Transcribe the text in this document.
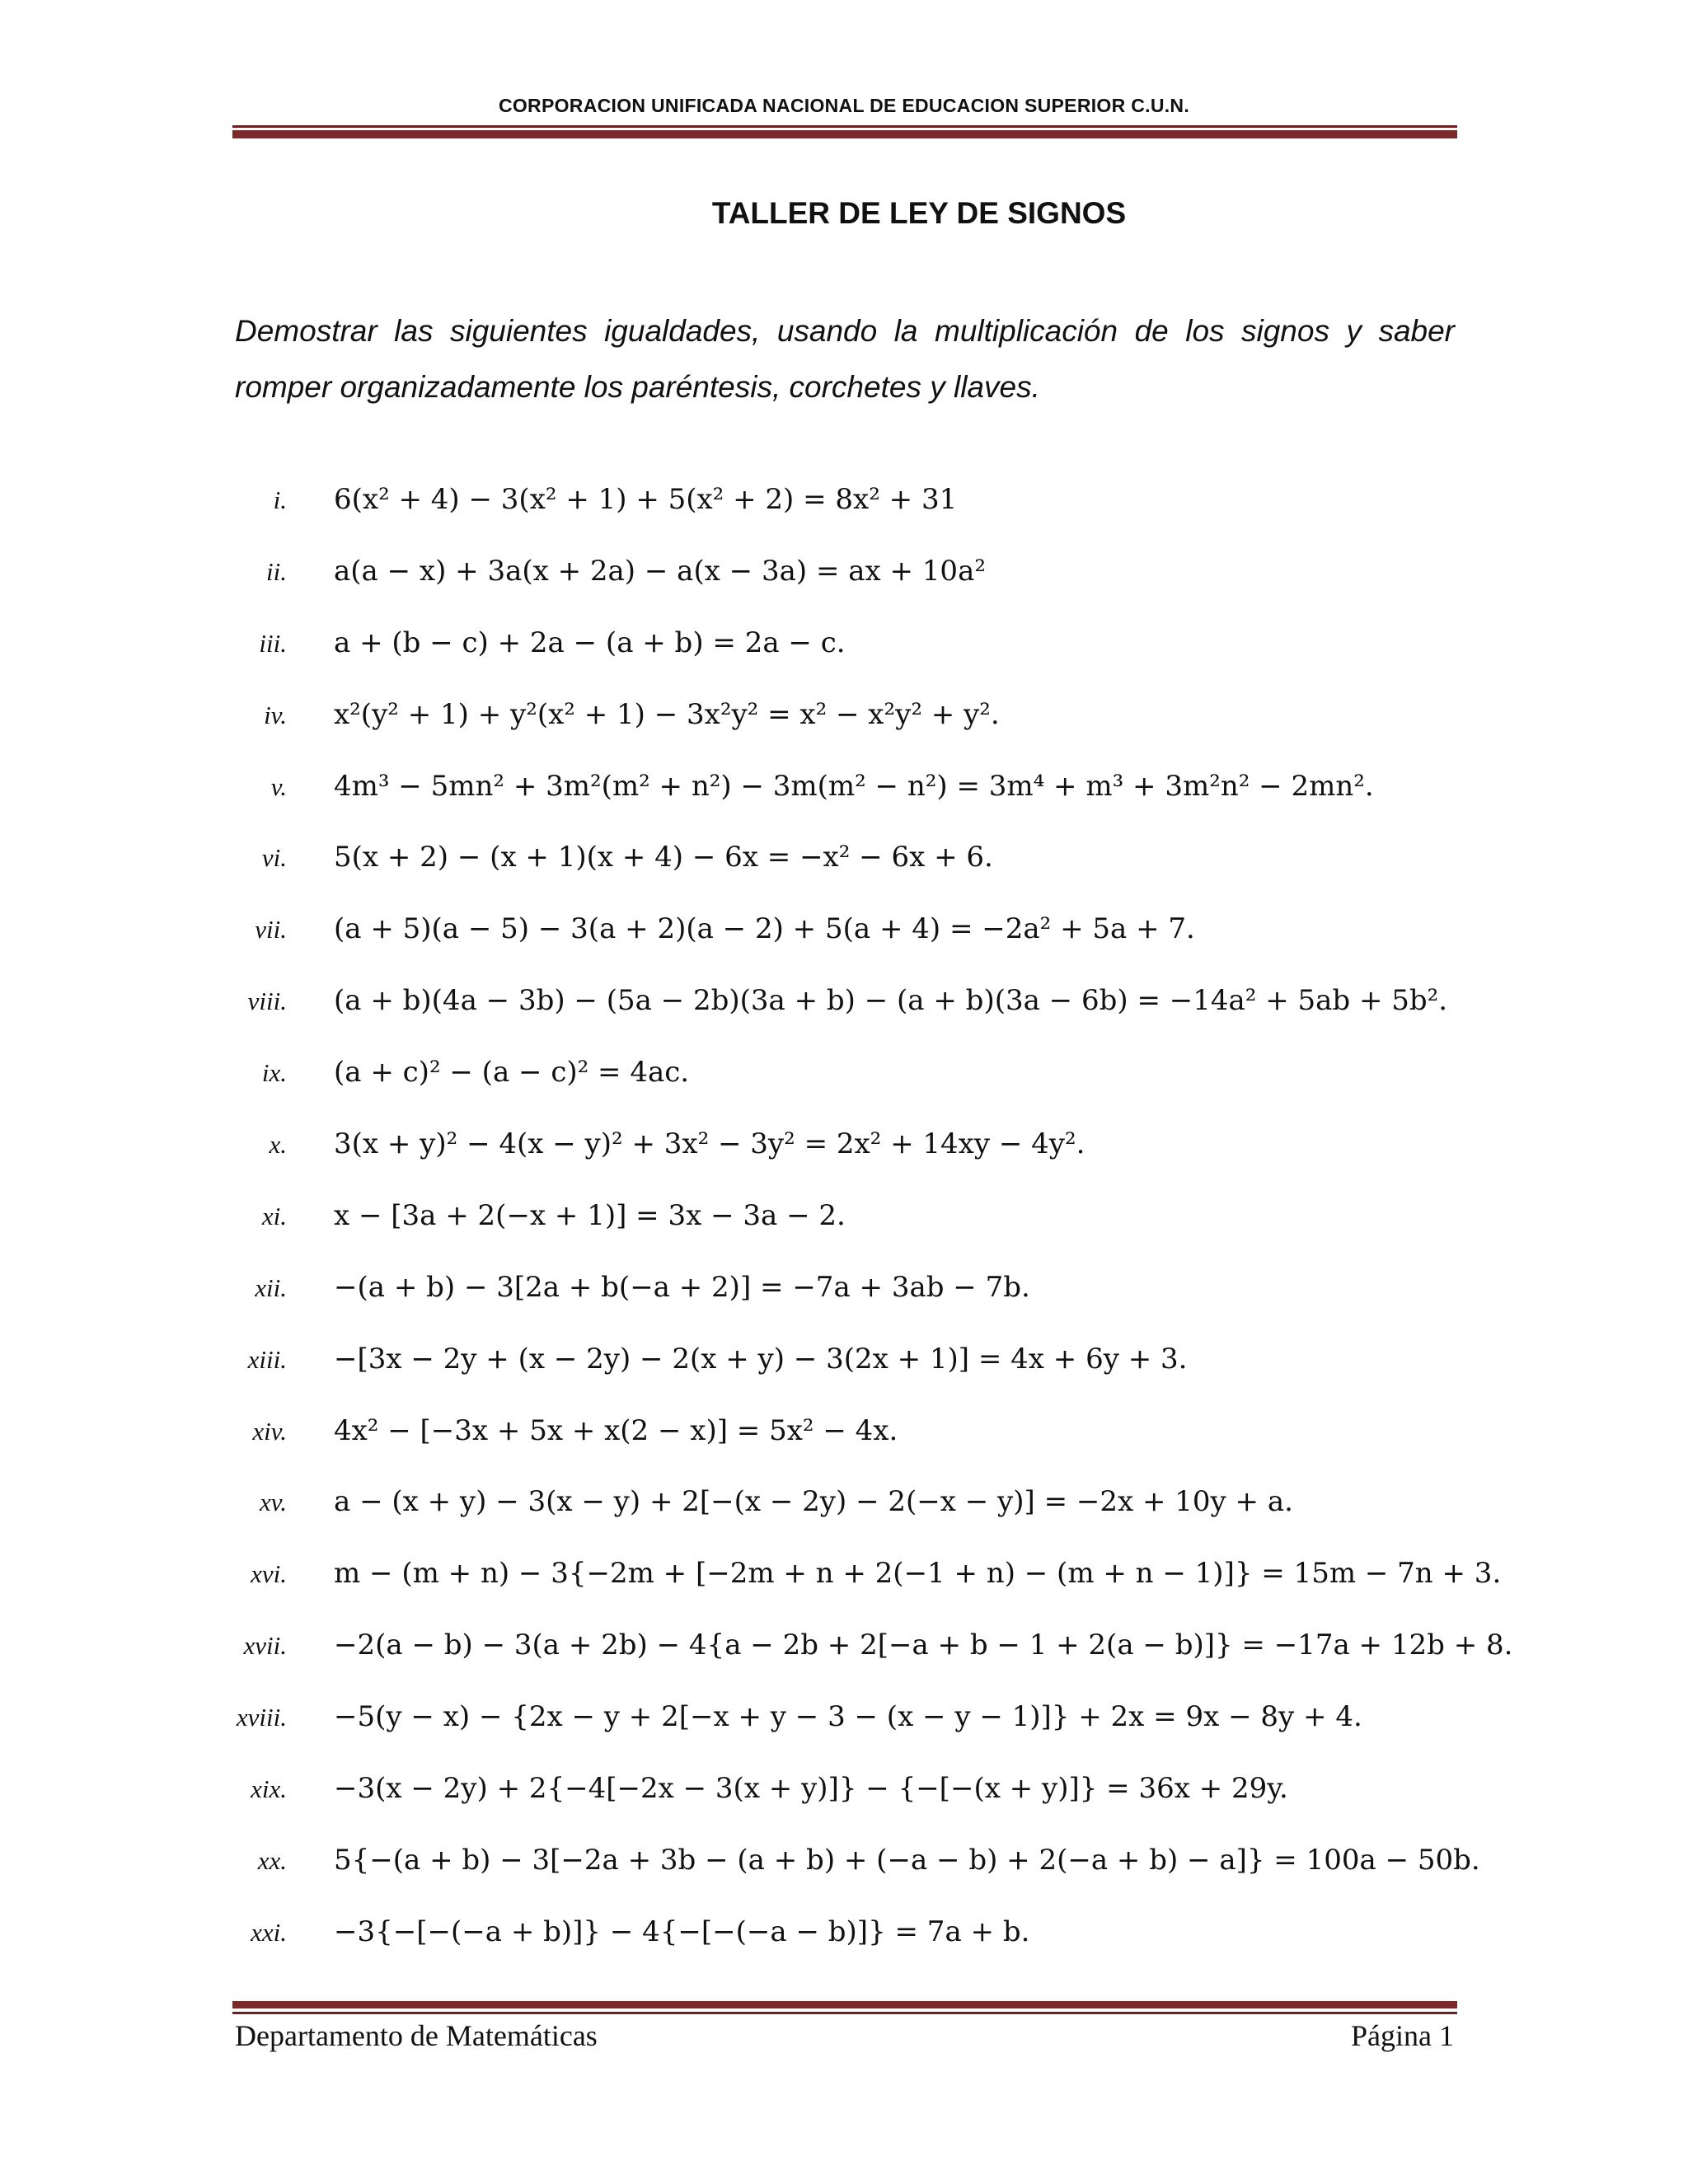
CORPORACION UNIFICADA NACIONAL DE EDUCACION SUPERIOR C.U.N.
TALLER DE LEY DE SIGNOS
Demostrar las siguientes igualdades, usando la multiplicación de los signos y saber romper organizadamente los paréntesis, corchetes y llaves.
i. 6(x² + 4) − 3(x² + 1) + 5(x² + 2) = 8x² + 31
ii. a(a − x) + 3a(x + 2a) − a(x − 3a) = ax + 10a²
iii. a + (b − c) + 2a − (a + b) = 2a − c.
iv. x²(y² + 1) + y²(x² + 1) − 3x²y² = x² − x²y² + y².
v. 4m³ − 5mn² + 3m²(m² + n²) − 3m(m² − n²) = 3m⁴ + m³ + 3m²n² − 2mn².
vi. 5(x + 2) − (x + 1)(x + 4) − 6x = −x² − 6x + 6.
vii. (a + 5)(a − 5) − 3(a + 2)(a − 2) + 5(a + 4) = −2a² + 5a + 7.
viii. (a + b)(4a − 3b) − (5a − 2b)(3a + b) − (a + b)(3a − 6b) = −14a² + 5ab + 5b².
ix. (a + c)² − (a − c)² = 4ac.
x. 3(x + y)² − 4(x − y)² + 3x² − 3y² = 2x² + 14xy − 4y².
xi. x − [3a + 2(−x + 1)] = 3x − 3a − 2.
xii. −(a + b) − 3[2a + b(−a + 2)] = −7a + 3ab − 7b.
xiii. −[3x − 2y + (x − 2y) − 2(x + y) − 3(2x + 1)] = 4x + 6y + 3.
xiv. 4x² − [−3x + 5x + x(2 − x)] = 5x² − 4x.
xv. a − (x + y) − 3(x − y) + 2[−(x − 2y) − 2(−x − y)] = −2x + 10y + a.
xvi. m − (m + n) − 3{−2m + [−2m + n + 2(−1 + n) − (m + n − 1)]} = 15m − 7n + 3.
xvii. −2(a − b) − 3(a + 2b) − 4{a − 2b + 2[−a + b − 1 + 2(a − b)]} = −17a + 12b + 8.
xviii. −5(y − x) − {2x − y + 2[−x + y − 3 − (x − y − 1)]} + 2x = 9x − 8y + 4.
xix. −3(x − 2y) + 2{−4[−2x − 3(x + y)]} − {−[−(x + y)]} = 36x + 29y.
xx. 5{−(a + b) − 3[−2a + 3b − (a + b) + (−a − b) + 2(−a + b) − a]} = 100a − 50b.
xxi. −3{−[−(−a + b)]} − 4{−[−(−a − b)]} = 7a + b.
Departamento de Matemáticas	Página 1
